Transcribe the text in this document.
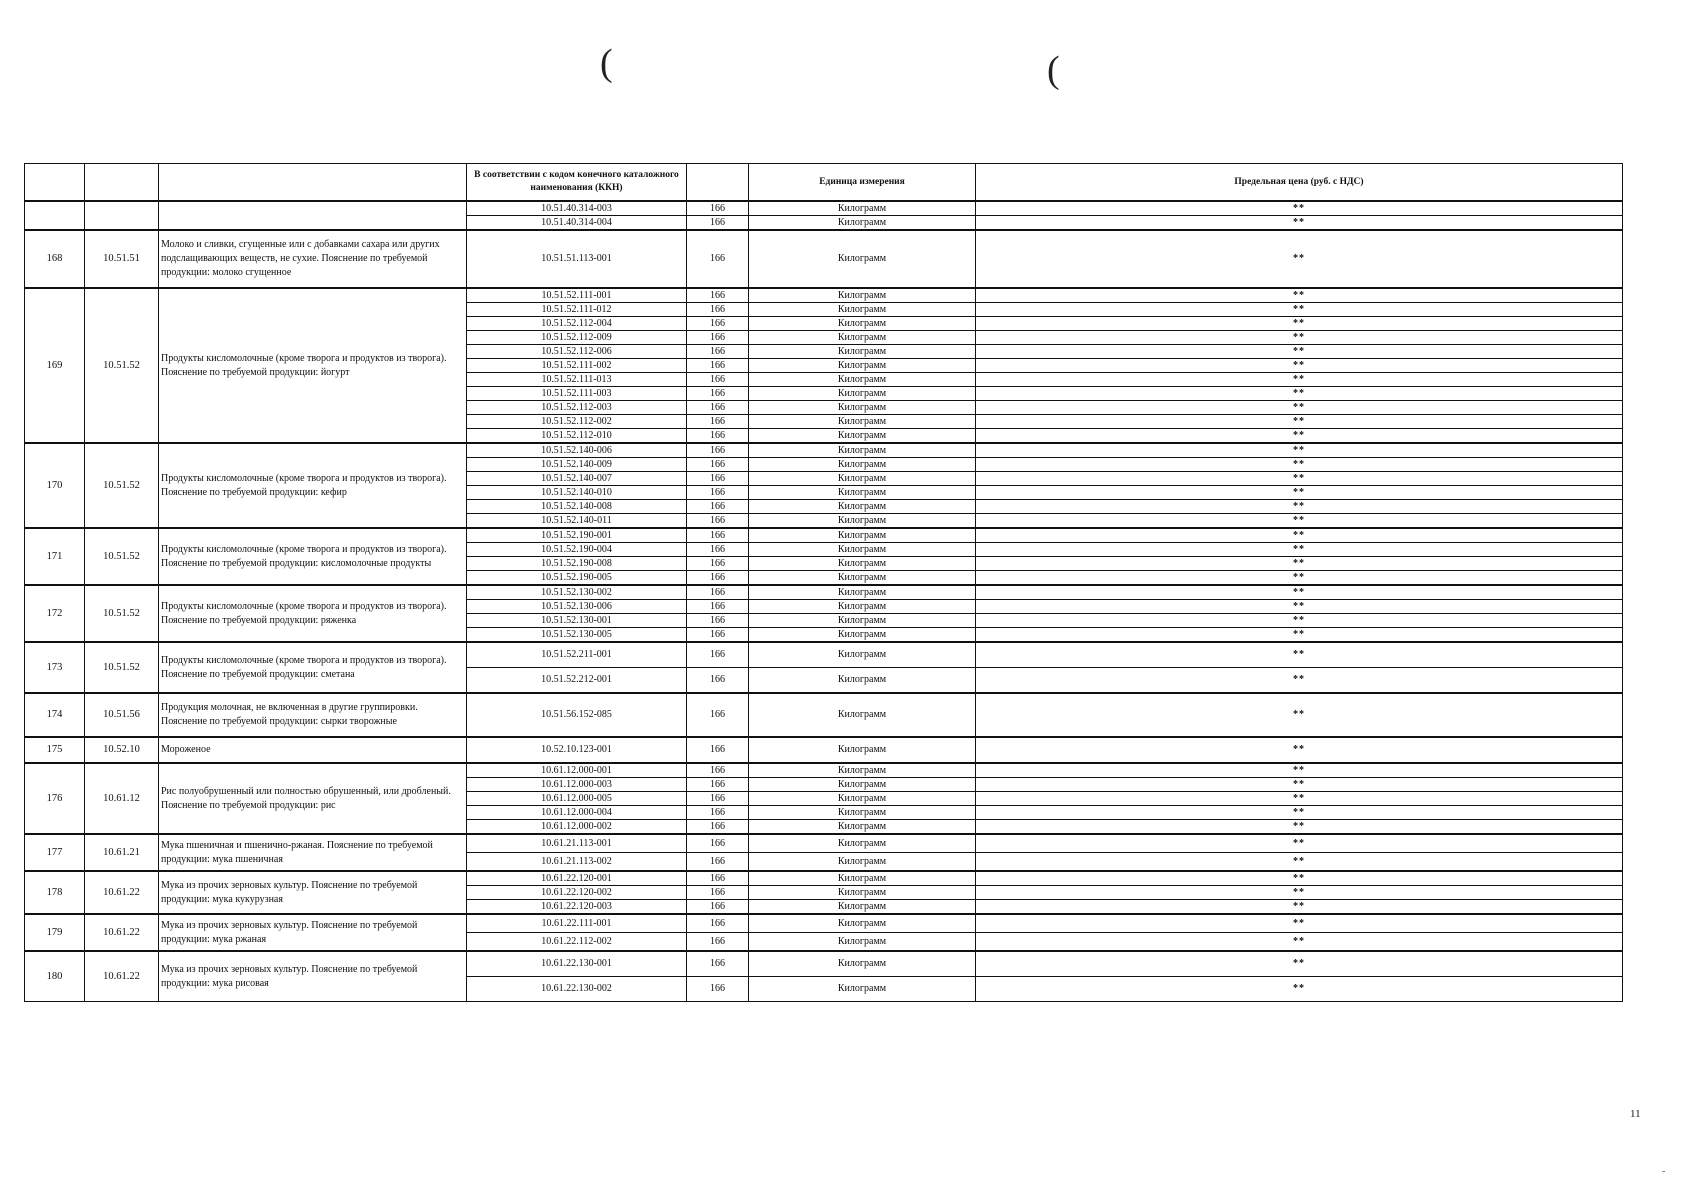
(	(
			В соответствии с кодом конечного каталожного наименования (ККН)		Единица измерения	Предельная цена (руб. с НДС)
			10.51.40.314-003	166	Килограмм	**
			10.51.40.314-004	166	Килограмм	**
168	10.51.51	Молоко и сливки, сгущенные или с добавками сахара или других подслащивающих веществ, не сухие. Пояснение по требуемой продукции: молоко сгущенное	10.51.51.113-001	166	Килограмм	**
169	10.51.52	Продукты кисломолочные (кроме творога и продуктов из творога). Пояснение по требуемой продукции: йогурт	10.51.52.111-001	166	Килограмм	**
			10.51.52.111-012	166	Килограмм	**
			10.51.52.112-004	166	Килограмм	**
			10.51.52.112-009	166	Килограмм	**
			10.51.52.112-006	166	Килограмм	**
			10.51.52.111-002	166	Килограмм	**
			10.51.52.111-013	166	Килограмм	**
			10.51.52.111-003	166	Килограмм	**
			10.51.52.112-003	166	Килограмм	**
			10.51.52.112-002	166	Килограмм	**
			10.51.52.112-010	166	Килограмм	**
170	10.51.52	Продукты кисломолочные (кроме творога и продуктов из творога). Пояснение по требуемой продукции: кефир	10.51.52.140-006	166	Килограмм	**
			10.51.52.140-009	166	Килограмм	**
			10.51.52.140-007	166	Килограмм	**
			10.51.52.140-010	166	Килограмм	**
			10.51.52.140-008	166	Килограмм	**
			10.51.52.140-011	166	Килограмм	**
171	10.51.52	Продукты кисломолочные (кроме творога и продуктов из творога). Пояснение по требуемой продукции: кисломолочные продукты	10.51.52.190-001	166	Килограмм	**
			10.51.52.190-004	166	Килограмм	**
			10.51.52.190-008	166	Килограмм	**
			10.51.52.190-005	166	Килограмм	**
172	10.51.52	Продукты кисломолочные (кроме творога и продуктов из творога). Пояснение по требуемой продукции: ряженка	10.51.52.130-002	166	Килограмм	**
			10.51.52.130-006	166	Килограмм	**
			10.51.52.130-001	166	Килограмм	**
			10.51.52.130-005	166	Килограмм	**
173	10.51.52	Продукты кисломолочные (кроме творога и продуктов из творога). Пояснение по требуемой продукции: сметана	10.51.52.211-001	166	Килограмм	**
			10.51.52.212-001	166	Килограмм	**
174	10.51.56	Продукция молочная, не включенная в другие группировки. Пояснение по требуемой продукции: сырки творожные	10.51.56.152-085	166	Килограмм	**
175	10.52.10	Мороженое	10.52.10.123-001	166	Килограмм	**
176	10.61.12	Рис полуобрушенный или полностью обрушенный, или дробленый. Пояснение по требуемой продукции: рис	10.61.12.000-001	166	Килограмм	**
			10.61.12.000-003	166	Килограмм	**
			10.61.12.000-005	166	Килограмм	**
			10.61.12.000-004	166	Килограмм	**
			10.61.12.000-002	166	Килограмм	**
177	10.61.21	Мука пшеничная и пшенично-ржаная. Пояснение по требуемой продукции: мука пшеничная	10.61.21.113-001	166	Килограмм	**
			10.61.21.113-002	166	Килограмм	**
178	10.61.22	Мука из прочих зерновых культур. Пояснение по требуемой продукции: мука кукурузная	10.61.22.120-001	166	Килограмм	**
			10.61.22.120-002	166	Килограмм	**
			10.61.22.120-003	166	Килограмм	**
179	10.61.22	Мука из прочих зерновых культур. Пояснение по требуемой продукции: мука ржаная	10.61.22.111-001	166	Килограмм	**
			10.61.22.112-002	166	Килограмм	**
180	10.61.22	Мука из прочих зерновых культур. Пояснение по требуемой продукции: мука рисовая	10.61.22.130-001	166	Килограмм	**
			10.61.22.130-002	166	Килограмм	**
11
-
